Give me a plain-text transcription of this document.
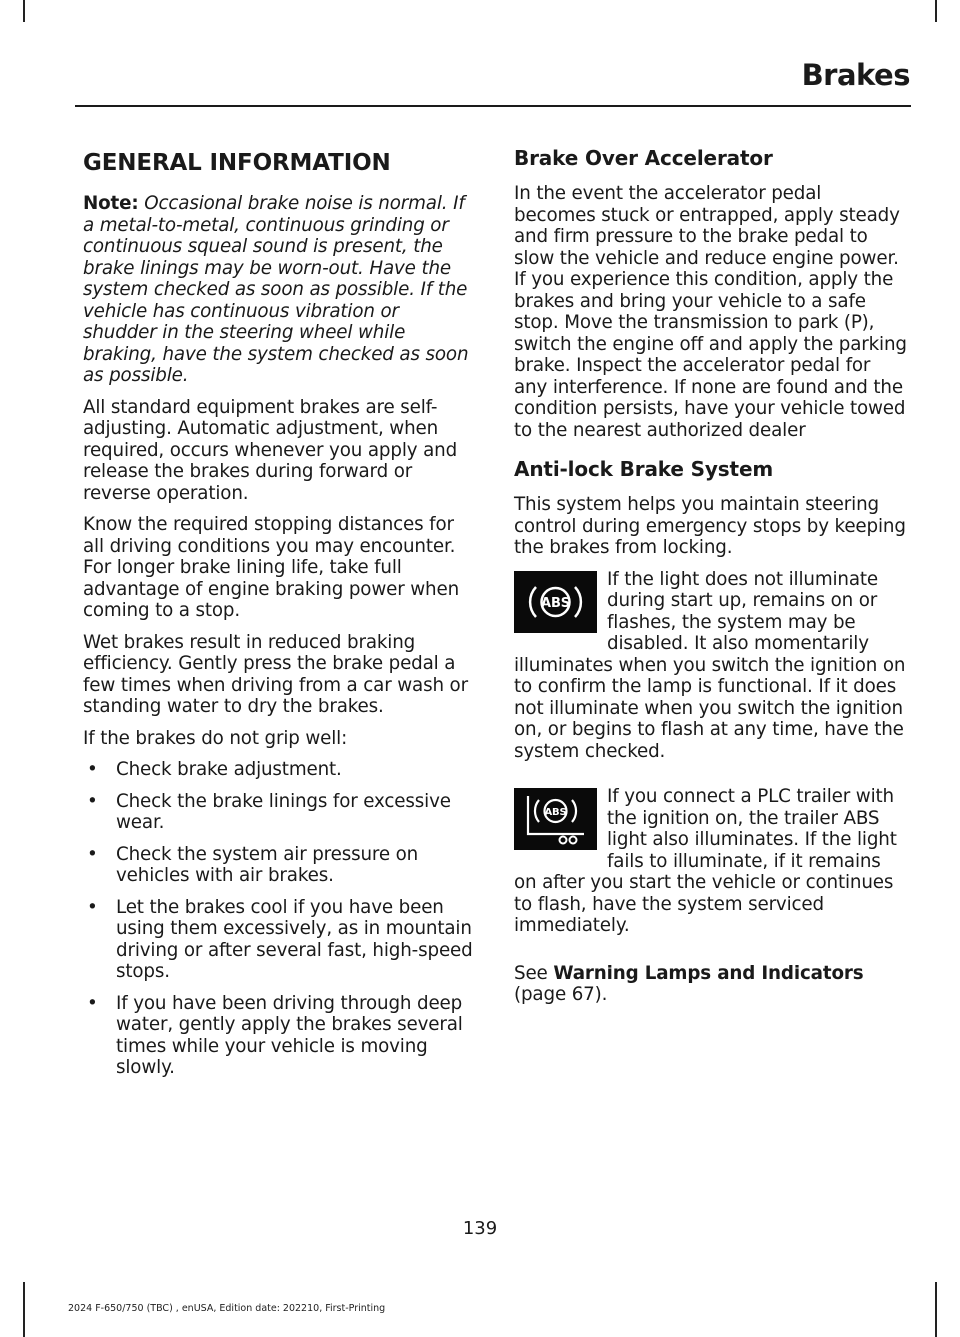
Brakes
GENERAL INFORMATION

Note: Occasional brake noise is normal. If a metal-to-metal, continuous grinding or continuous squeal sound is present, the brake linings may be worn-out. Have the system checked as soon as possible. If the vehicle has continuous vibration or shudder in the steering wheel while braking, have the system checked as soon as possible.

All standard equipment brakes are self-adjusting. Automatic adjustment, when required, occurs whenever you apply and release the brakes during forward or reverse operation.

Know the required stopping distances for all driving conditions you may encounter. For longer brake lining life, take full advantage of engine braking power when coming to a stop.

Wet brakes result in reduced braking efficiency. Gently press the brake pedal a few times when driving from a car wash or standing water to dry the brakes.

If the brakes do not grip well:

• Check brake adjustment.
• Check the brake linings for excessive wear.
• Check the system air pressure on vehicles with air brakes.
• Let the brakes cool if you have been using them excessively, as in mountain driving or after several fast, high-speed stops.
• If you have been driving through deep water, gently apply the brakes several times while your vehicle is moving slowly.
Brake Over Accelerator

In the event the accelerator pedal becomes stuck or entrapped, apply steady and firm pressure to the brake pedal to slow the vehicle and reduce engine power. If you experience this condition, apply the brakes and bring your vehicle to a safe stop. Move the transmission to park (P), switch the engine off and apply the parking brake. Inspect the accelerator pedal for any interference. If none are found and the condition persists, have your vehicle towed to the nearest authorized dealer

Anti-lock Brake System

This system helps you maintain steering control during emergency stops by keeping the brakes from locking.

ABS

If the light does not illuminate during start up, remains on or flashes, the system may be disabled. It also momentarily illuminates when you switch the ignition on to confirm the lamp is functional. If it does not illuminate when you switch the ignition on, or begins to flash at any time, have the system checked.

ABS

If you connect a PLC trailer with the ignition on, the trailer ABS light also illuminates. If the light fails to illuminate, if it remains on after you start the vehicle or continues to flash, have the system serviced immediately.

See Warning Lamps and Indicators (page 67).

139
2024 F-650/750 (TBC) , enUSA, Edition date: 202210, First-Printing
